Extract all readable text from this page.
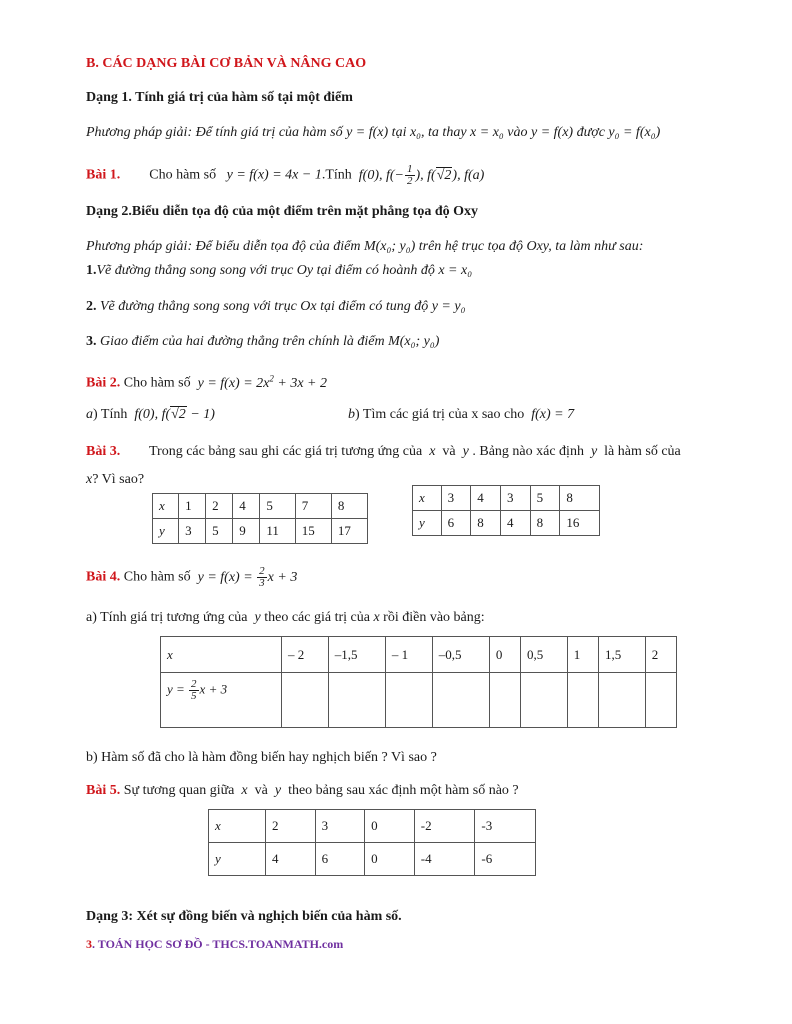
B. CÁC DẠNG BÀI CƠ BẢN VÀ NÂNG CAO
Dạng 1. Tính giá trị của hàm số tại một điểm
Phương pháp giải: Để tính giá trị của hàm số y = f(x) tại x₀, ta thay x = x₀ vào y = f(x) được y₀ = f(x₀)
Bài 1. Cho hàm số   y = f(x) = 4x − 1.Tính  f(0), $f(- \frac{1}{2}$ ), f(√2), f(a)
Dạng 2.Biểu diễn tọa độ của một điểm trên mặt phẳng tọa độ Oxy
Phương pháp giải: Để biểu diễn tọa độ của điểm M(x₀; y₀) trên hệ trục tọa độ Oxy, ta làm như sau:
1.Vẽ đường thẳng song song với trục Oy tại điểm có hoành độ x = x₀
2. Vẽ đường thẳng song song với trục Ox tại điểm có tung độ y = y₀
3. Giao điểm của hai đường thẳng trên chính là điểm M(x₀; y₀)
Bài 2. Cho hàm số  $y = f(x) = 2x^2 + 3x + 2$
a) Tính  f(0), f(√2 − 1)	b) Tìm các giá trị của x sao cho  f(x) = 7
Bài 3. Trong các bảng sau ghi các giá trị tương ứng của  x  và  y . Bảng nào xác định  y  là hàm số của
x? Vì sao?
x	1	2	4	5	7	8
y	3	5	9	11	15	17
x	3	4	3	5	8
y	6	8	4	8	16
Bài 4. Cho hàm số  $y = f(x) = \frac{2}{3}$ x + 3
a) Tính giá trị tương ứng của  y theo các giá trị của x rồi điền vào bảng:
x	– 2	–1,5	– 1	–0,5	0	0,5	1	1,5	2
$y = \frac{2}{5}$ x + 3									
b) Hàm số đã cho là hàm đồng biến hay nghịch biến ? Vì sao ?
Bài 5. Sự tương quan giữa  x  và  y  theo bảng sau xác định một hàm số nào ?
x	2	3	0	-2	-3
y	4	6	0	-4	-6
Dạng 3: Xét sự đồng biến và nghịch biến của hàm số.
3. TOÁN HỌC SƠ ĐỒ - THCS.TOANMATH.com
